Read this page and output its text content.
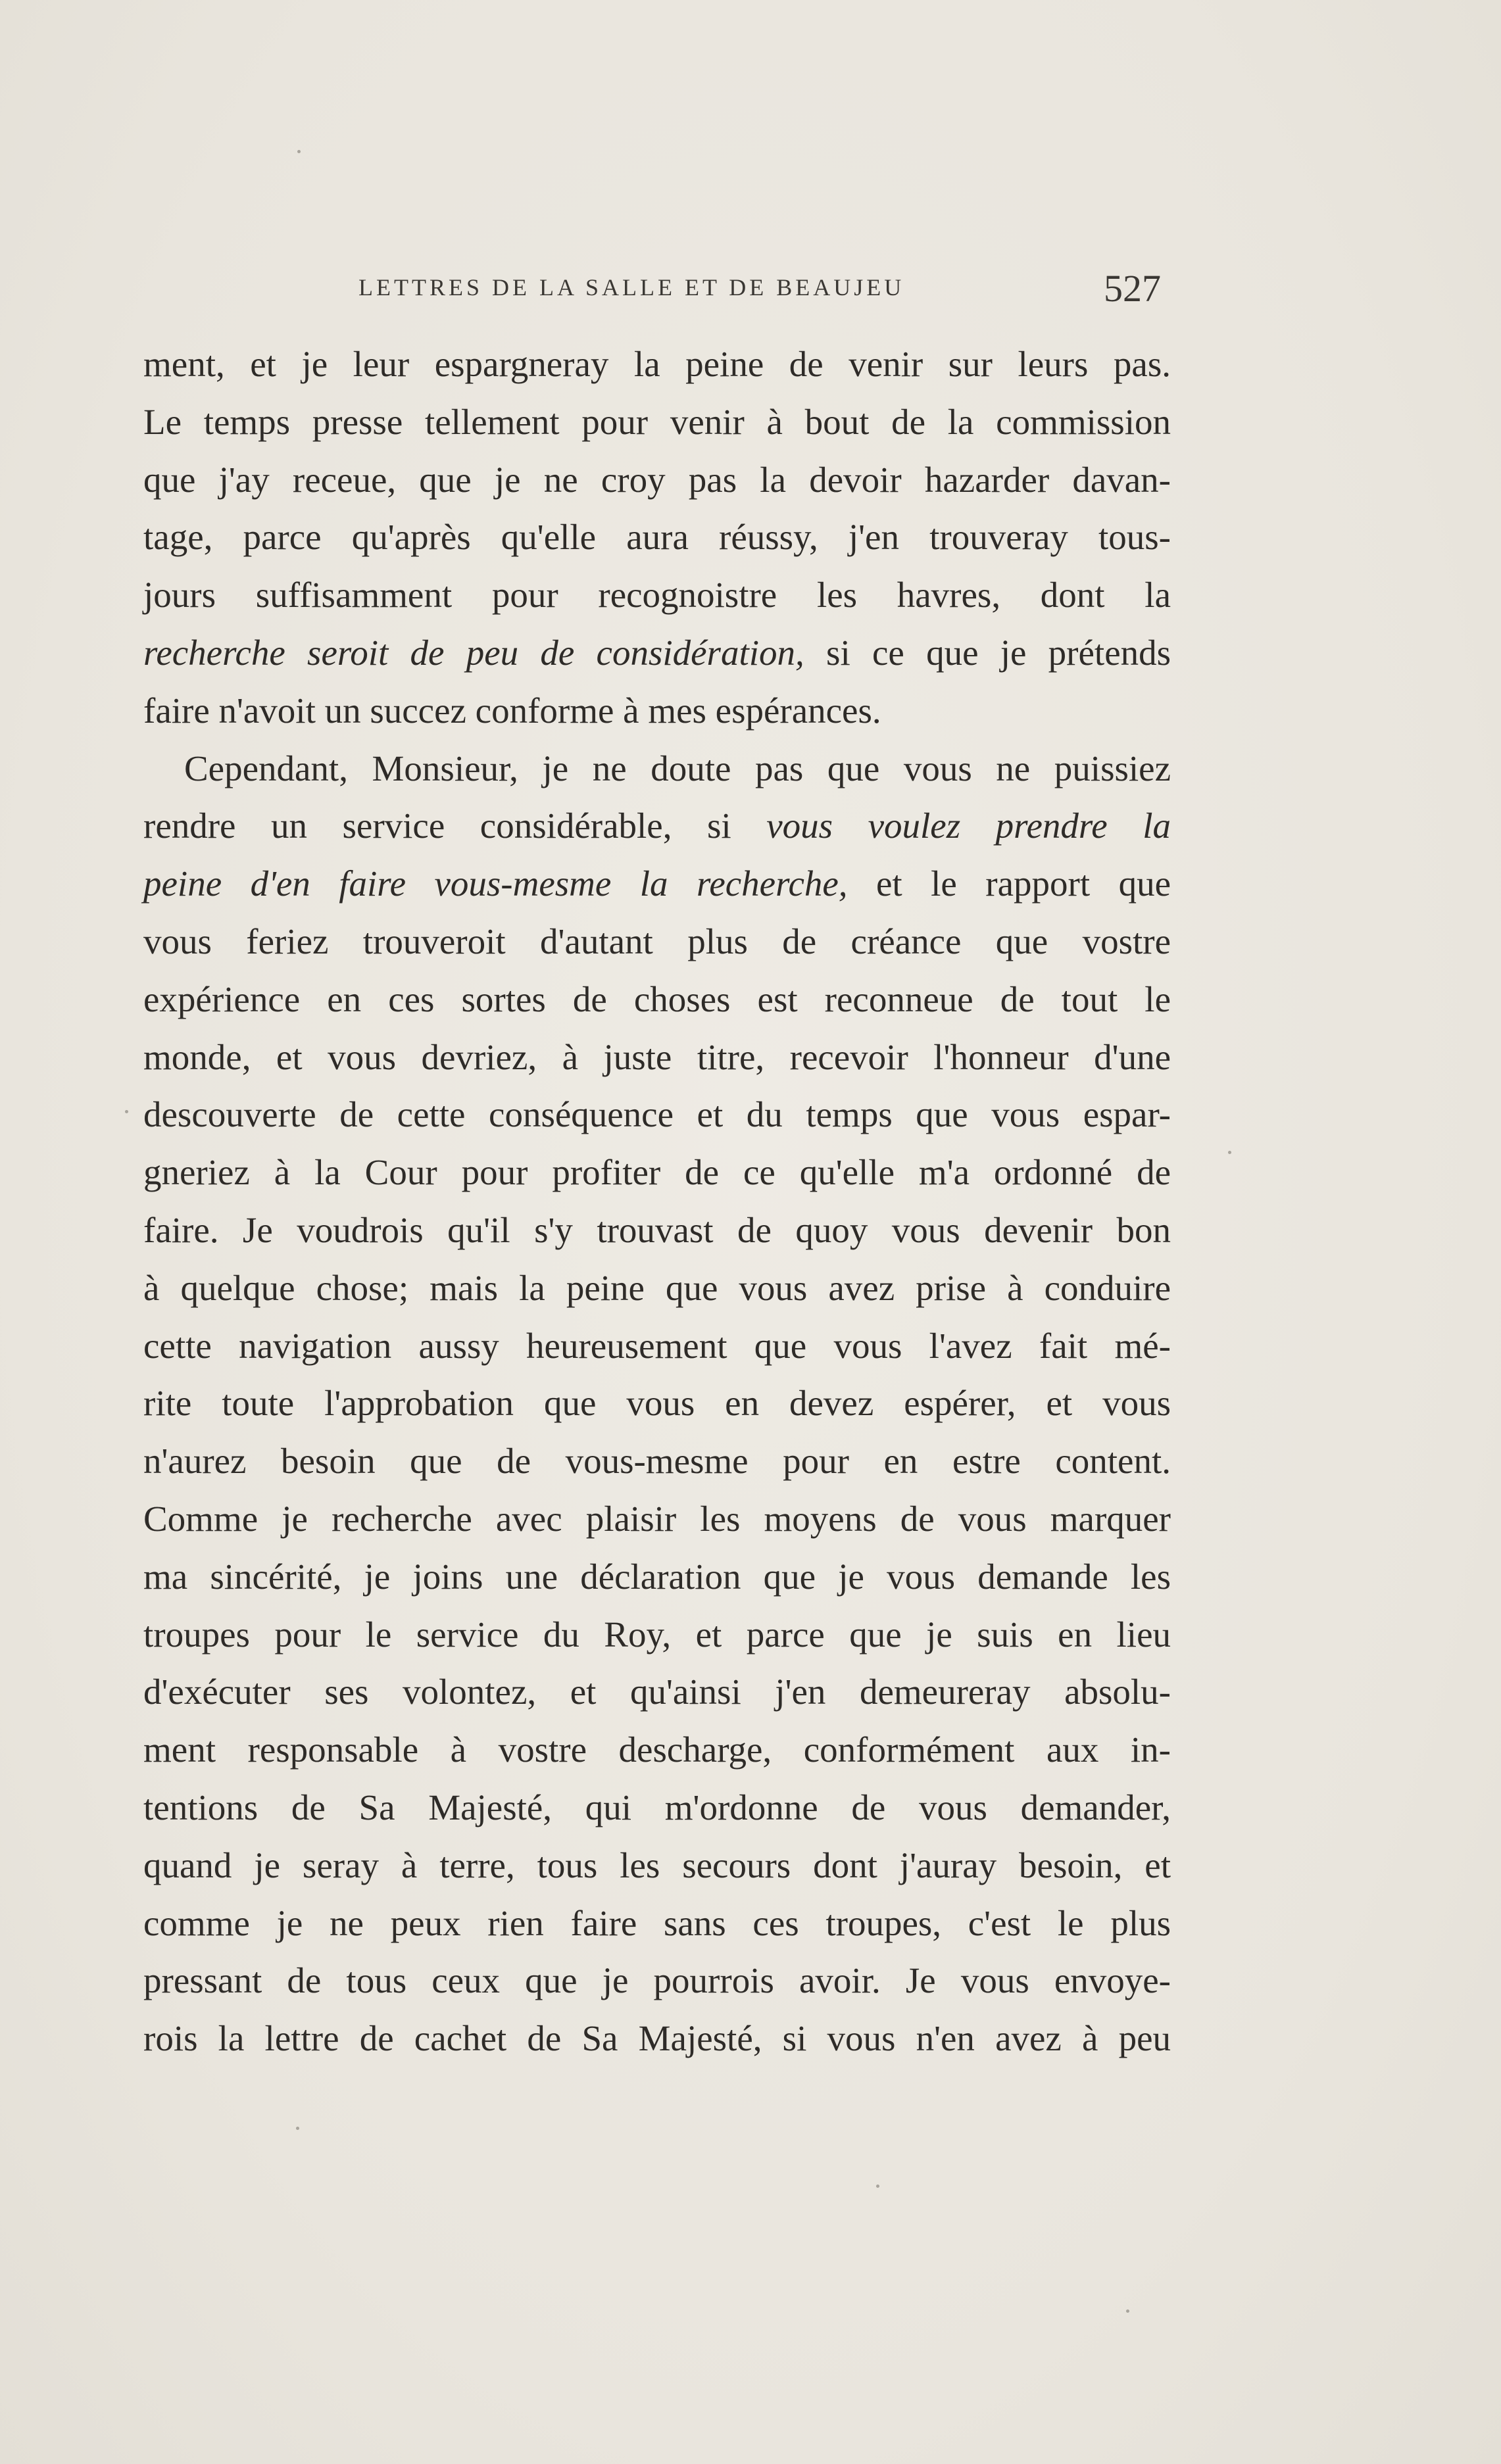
LETTRES DE LA SALLE ET DE BEAUJEU	527
ment, et je leur espargneray la peine de venir sur leurs pas.
Le temps presse tellement pour venir à bout de la commission
que j'ay receue, que je ne croy pas la devoir hazarder davan-
tage, parce qu'après qu'elle aura réussy, j'en trouveray tous-
jours suffisamment pour recognoistre les havres, dont la
recherche seroit de peu de considération, si ce que je prétends
faire n'avoit un succez conforme à mes espérances.
Cependant, Monsieur, je ne doute pas que vous ne puissiez
rendre un service considérable, si vous voulez prendre la
peine d'en faire vous-mesme la recherche, et le rapport que
vous feriez trouveroit d'autant plus de créance que vostre
expérience en ces sortes de choses est reconneue de tout le
monde, et vous devriez, à juste titre, recevoir l'honneur d'une
descouverte de cette conséquence et du temps que vous espar-
gneriez à la Cour pour profiter de ce qu'elle m'a ordonné de
faire. Je voudrois qu'il s'y trouvast de quoy vous devenir bon
à quelque chose; mais la peine que vous avez prise à conduire
cette navigation aussy heureusement que vous l'avez fait mé-
rite toute l'approbation que vous en devez espérer, et vous
n'aurez besoin que de vous-mesme pour en estre content.
Comme je recherche avec plaisir les moyens de vous marquer
ma sincérité, je joins une déclaration que je vous demande les
troupes pour le service du Roy, et parce que je suis en lieu
d'exécuter ses volontez, et qu'ainsi j'en demeureray absolu-
ment responsable à vostre descharge, conformément aux in-
tentions de Sa Majesté, qui m'ordonne de vous demander,
quand je seray à terre, tous les secours dont j'auray besoin, et
comme je ne peux rien faire sans ces troupes, c'est le plus
pressant de tous ceux que je pourrois avoir. Je vous envoye-
rois la lettre de cachet de Sa Majesté, si vous n'en avez à peu
